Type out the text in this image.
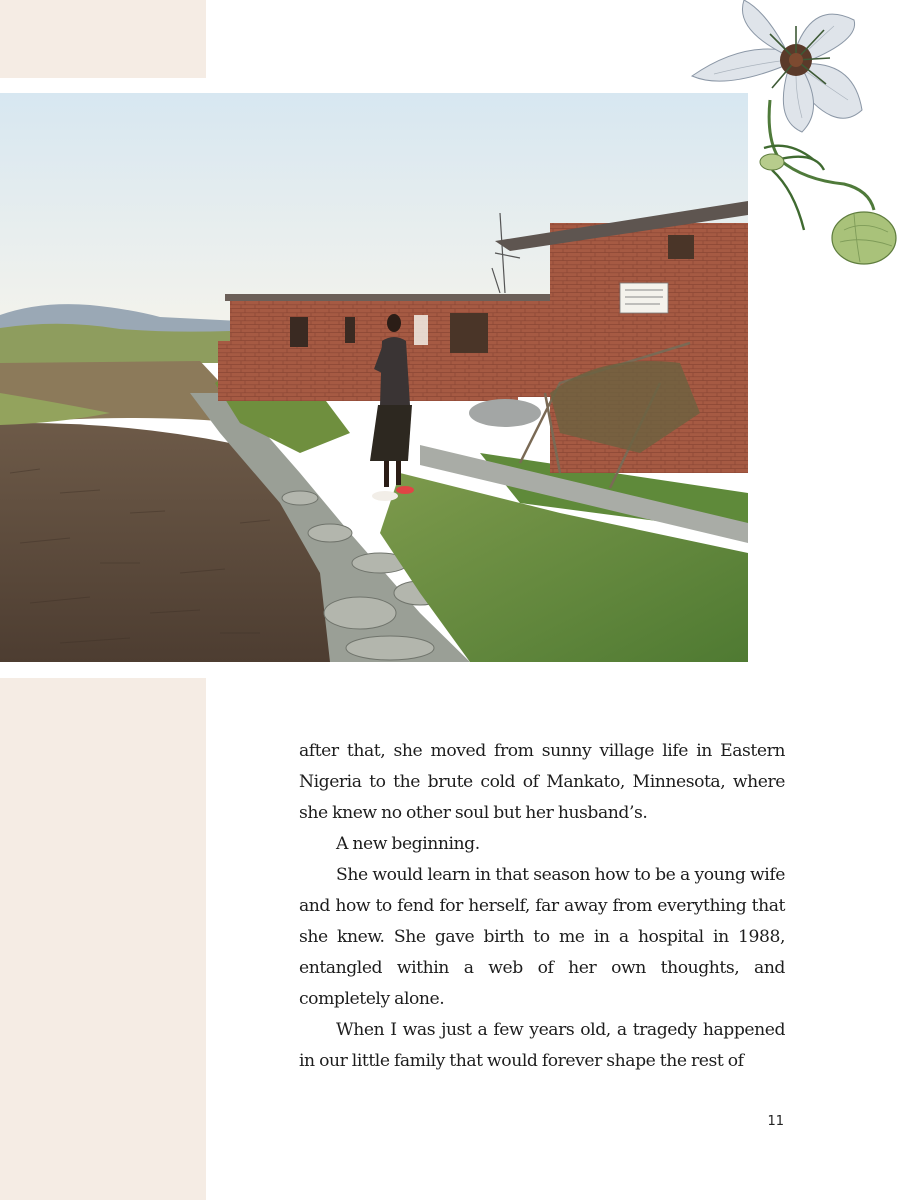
after that, she moved from sunny village life in Eastern Nigeria to the brute cold of Mankato, Minnesota, where she knew no other soul but her husband’s.

A new beginning.

She would learn in that season how to be a young wife and how to fend for herself, far away from everything that she knew. She gave birth to me in a hospital in 1988, entangled within a web of her own thoughts, and completely alone.

When I was just a few years old, a tragedy happened in our little family that would forever shape the rest of

11
